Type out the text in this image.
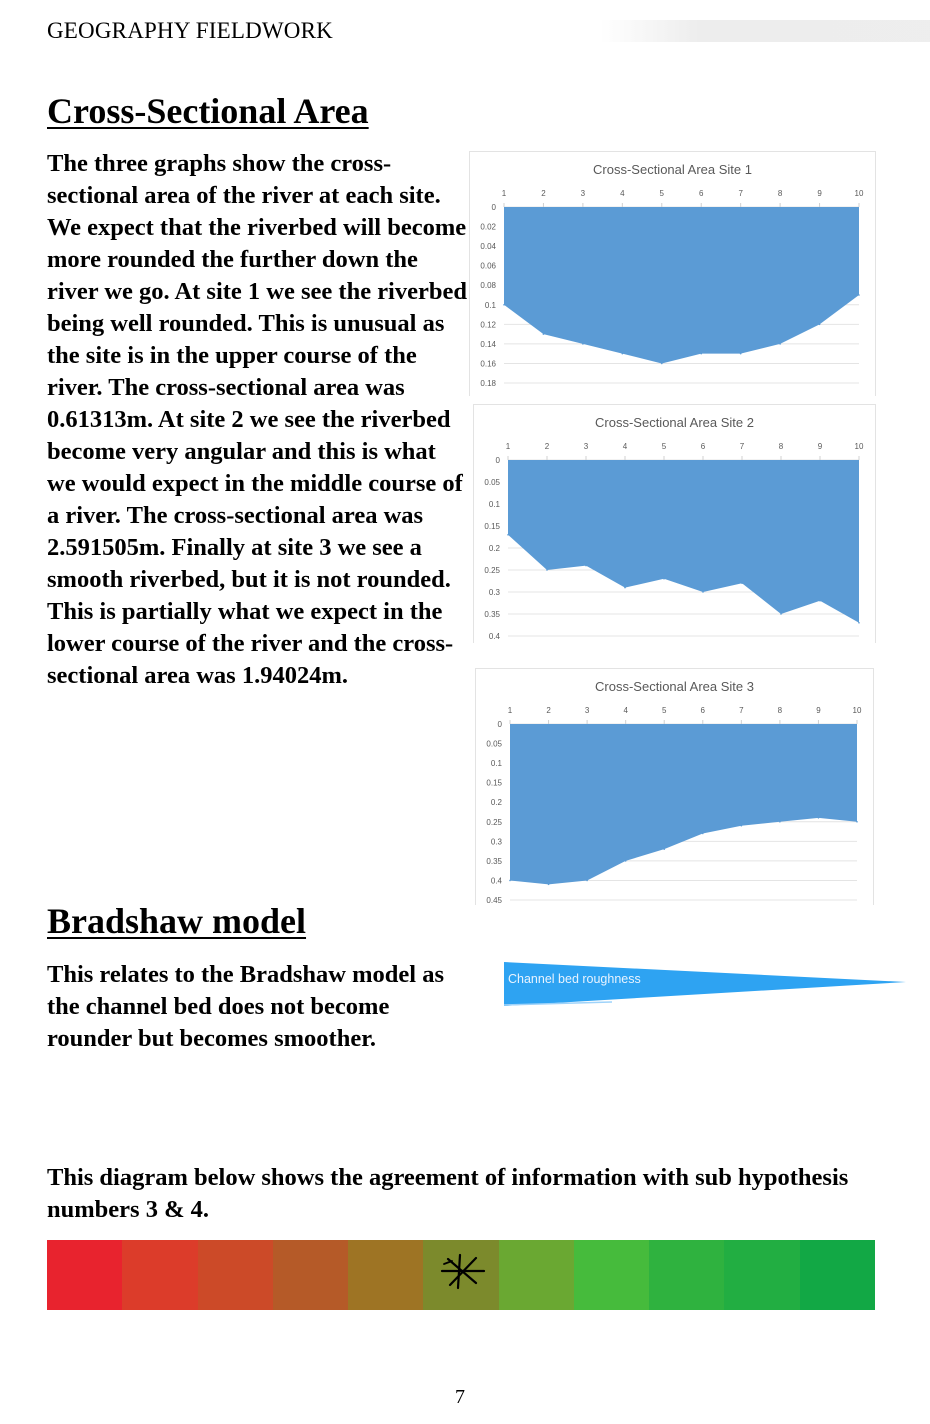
GEOGRAPHY FIELDWORK
Cross-Sectional Area

The three graphs show the cross-sectional area of the river at each site. We expect that the riverbed will become more rounded the further down the river we go. At site 1 we see the riverbed being well rounded. This is unusual as the site is in the upper course of the river. The cross-sectional area was 0.61313m. At site 2 we see the riverbed become very angular and this is what we would expect in the middle course of a river. The cross-sectional area was 2.591505m. Finally at site 3 we see a smooth riverbed, but it is not rounded. This is partially what we expect in the lower course of the river and the cross-sectional area was 1.94024m.

Cross-Sectional Area Site 1
0
0.02
0.04
0.06
0.08
0.1
0.12
0.14
0.16
0.18
1	2	3	4	5	6	7	8	9	10
Cross-Sectional Area Site 2
0
0.05
0.1
0.15
0.2
0.25
0.3
0.35
0.4
1	2	3	4	5	6	7	8	9	10
Cross-Sectional Area Site 3
0
0.05
0.1
0.15
0.2
0.25
0.3
0.35
0.4
0.45
1	2	3	4	5	6	7	8	9	10
Bradshaw model

This relates to the Bradshaw model as the channel bed does not become rounder but becomes smoother.

Channel bed roughness

This diagram below shows the agreement of information with sub hypothesis numbers 3 & 4.

7
